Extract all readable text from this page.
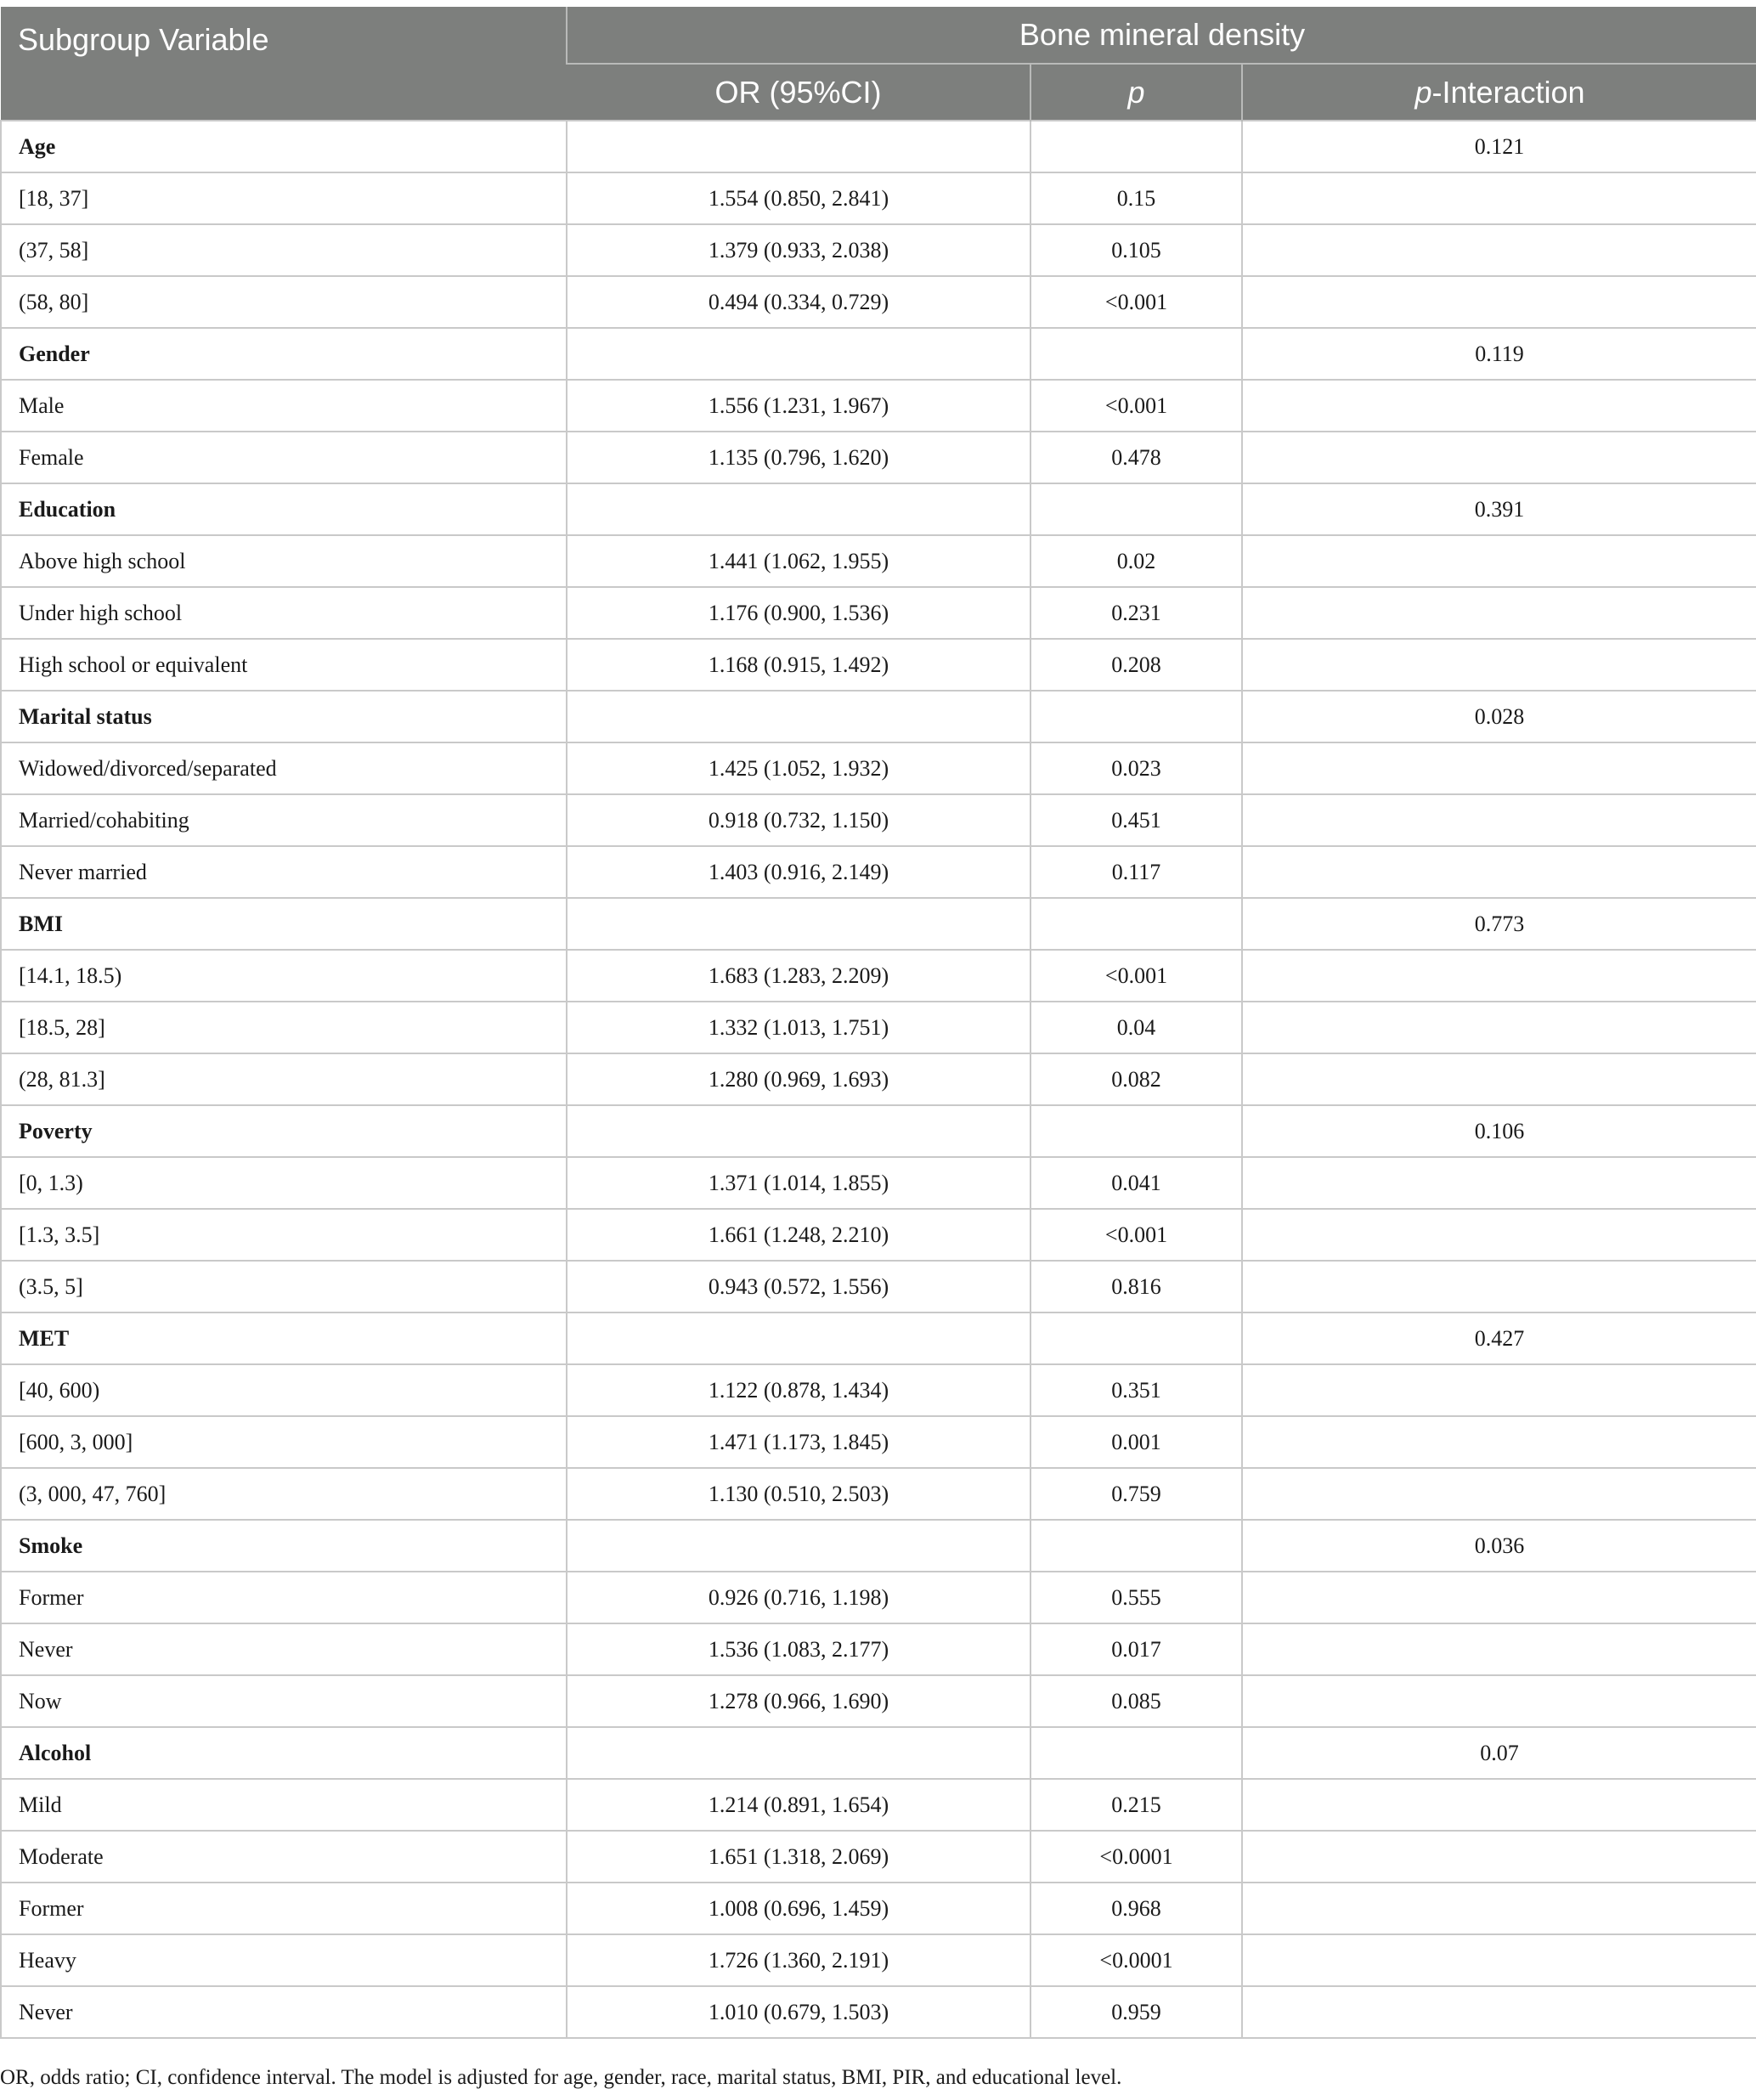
Subgroup Variable	Bone mineral density		
	OR (95%CI)	p	p-Interaction
Age			0.121
[18, 37]	1.554 (0.850, 2.841)	0.15	
(37, 58]	1.379 (0.933, 2.038)	0.105	
(58, 80]	0.494 (0.334, 0.729)	<0.001	
Gender			0.119
Male	1.556 (1.231, 1.967)	<0.001	
Female	1.135 (0.796, 1.620)	0.478	
Education			0.391
Above high school	1.441 (1.062, 1.955)	0.02	
Under high school	1.176 (0.900, 1.536)	0.231	
High school or equivalent	1.168 (0.915, 1.492)	0.208	
Marital status			0.028
Widowed/divorced/separated	1.425 (1.052, 1.932)	0.023	
Married/cohabiting	0.918 (0.732, 1.150)	0.451	
Never married	1.403 (0.916, 2.149)	0.117	
BMI			0.773
[14.1, 18.5)	1.683 (1.283, 2.209)	<0.001	
[18.5, 28]	1.332 (1.013, 1.751)	0.04	
(28, 81.3]	1.280 (0.969, 1.693)	0.082	
Poverty			0.106
[0, 1.3)	1.371 (1.014, 1.855)	0.041	
[1.3, 3.5]	1.661 (1.248, 2.210)	<0.001	
(3.5, 5]	0.943 (0.572, 1.556)	0.816	
MET			0.427
[40, 600)	1.122 (0.878, 1.434)	0.351	
[600, 3, 000]	1.471 (1.173, 1.845)	0.001	
(3, 000, 47, 760]	1.130 (0.510, 2.503)	0.759	
Smoke			0.036
Former	0.926 (0.716, 1.198)	0.555	
Never	1.536 (1.083, 2.177)	0.017	
Now	1.278 (0.966, 1.690)	0.085	
Alcohol			0.07
Mild	1.214 (0.891, 1.654)	0.215	
Moderate	1.651 (1.318, 2.069)	<0.0001	
Former	1.008 (0.696, 1.459)	0.968	
Heavy	1.726 (1.360, 2.191)	<0.0001	
Never	1.010 (0.679, 1.503)	0.959	
OR, odds ratio; CI, confidence interval. The model is adjusted for age, gender, race, marital status, BMI, PIR, and educational level.
